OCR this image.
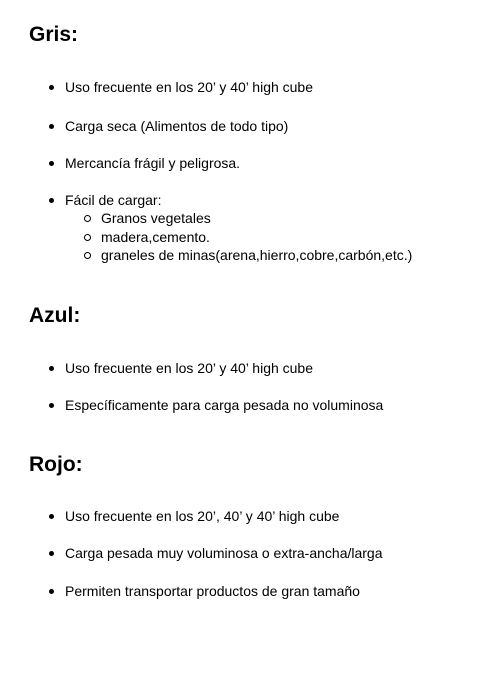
Gris:
Uso frecuente en los 20’ y 40’ high cube
Carga seca (Alimentos de todo tipo)
Mercancía frágil y peligrosa.
Fácil de cargar:
Granos vegetales
madera,cemento.
graneles de minas(arena,hierro,cobre,carbón,etc.)
Azul:
Uso frecuente en los 20’ y 40’ high cube
Específicamente para carga pesada no voluminosa
Rojo:
Uso frecuente en los 20’, 40’ y 40’ high cube
Carga pesada muy voluminosa o extra-ancha/larga
Permiten transportar productos de gran tamaño
